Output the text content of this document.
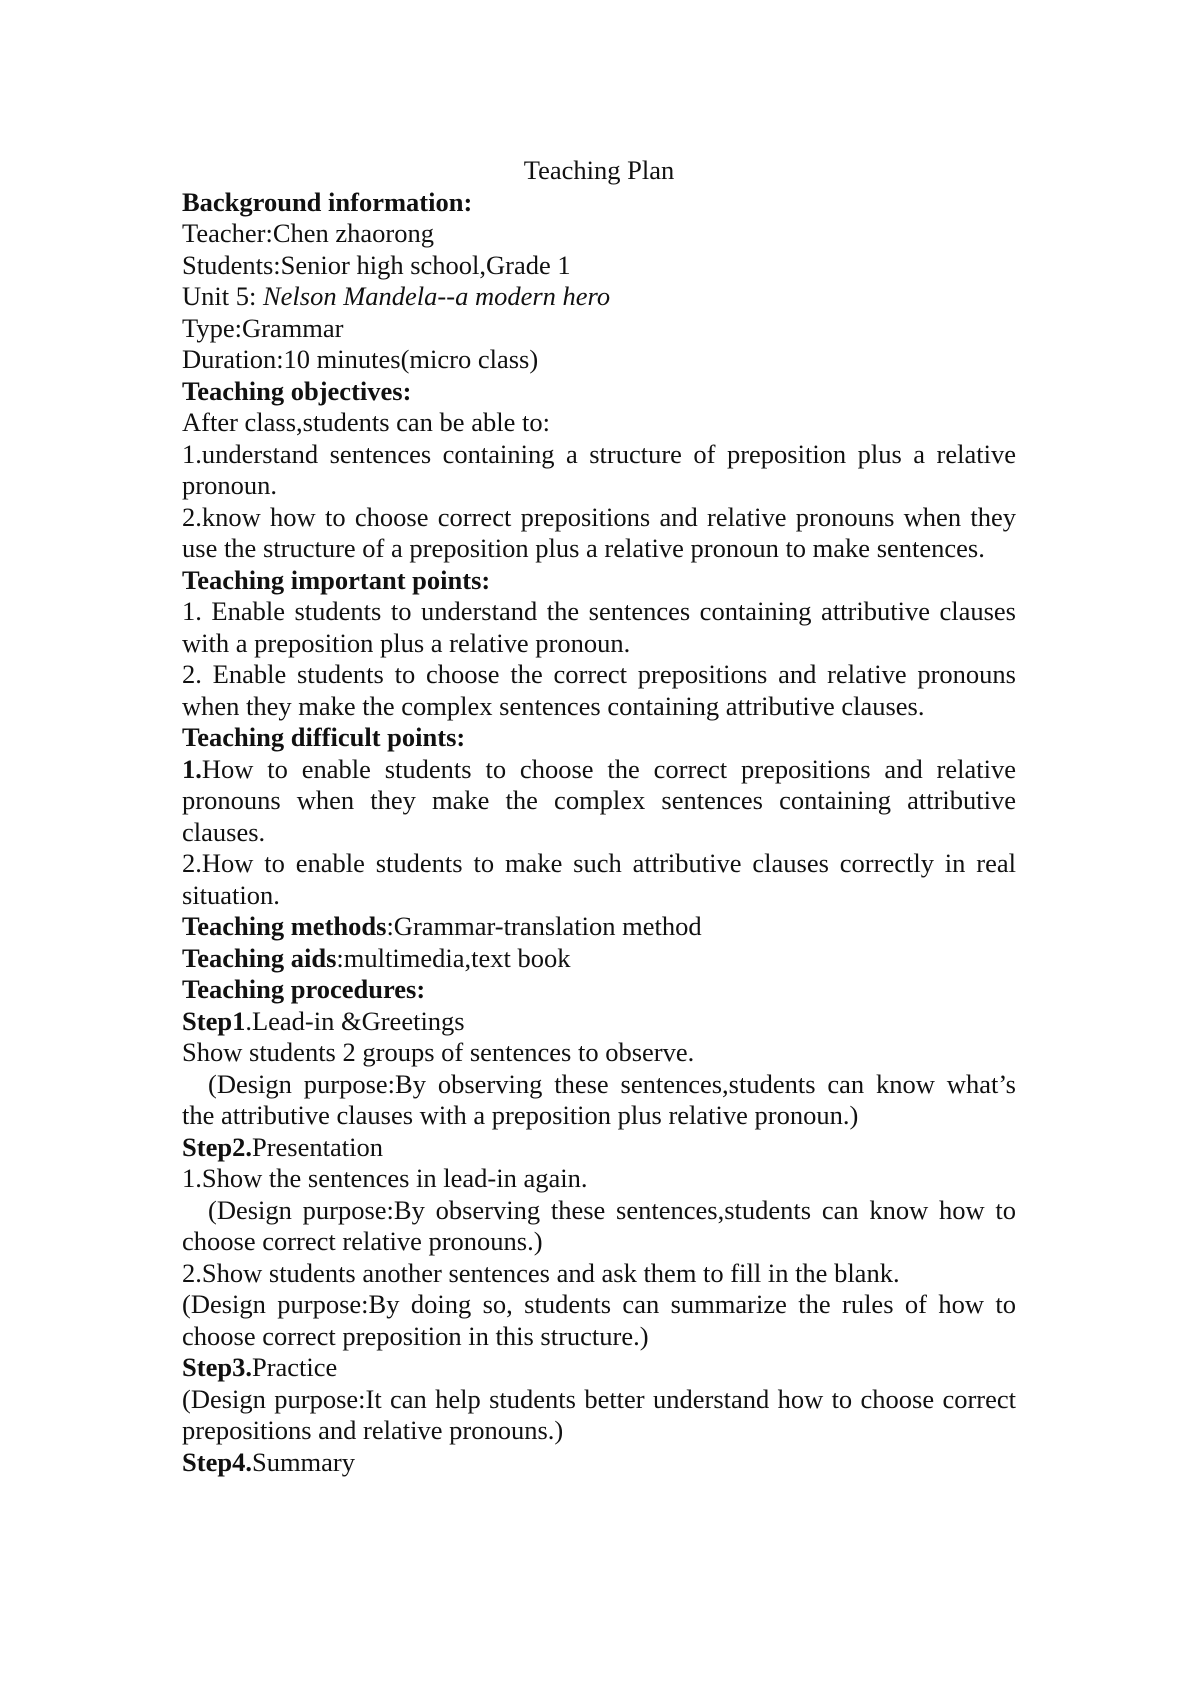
Teaching Plan

Background information:

Teacher:Chen zhaorong

Students:Senior high school,Grade 1

Unit 5: Nelson Mandela--a modern hero

Type:Grammar

Duration:10 minutes(micro class)

Teaching objectives:

After class,students can be able to:

1.understand sentences containing a structure of preposition plus a relative pronoun.

2.know how to choose correct prepositions and relative pronouns when they use the structure of a preposition plus a relative pronoun to make sentences.

Teaching important points:

1. Enable students to understand the sentences containing attributive clauses with a preposition plus a relative pronoun.

2. Enable students to choose the correct prepositions and relative pronouns when they make the complex sentences containing attributive clauses.

Teaching difficult points:

1.How to enable students to choose the correct prepositions and relative pronouns when they make the complex sentences containing attributive clauses.

2.How to enable students to make such attributive clauses correctly in real situation.

Teaching methods:Grammar-translation method

Teaching aids:multimedia,text book

Teaching procedures:

Step1.Lead-in &Greetings

Show students 2 groups of sentences to observe.

(Design purpose:By observing these sentences,students can know what’s the attributive clauses with a preposition plus relative pronoun.)

Step2.Presentation

1.Show the sentences in lead-in again.

(Design purpose:By observing these sentences,students can know how to choose correct relative pronouns.)

2.Show students another sentences and ask them to fill in the blank.

(Design purpose:By doing so, students can summarize the rules of how to choose correct preposition in this structure.)

Step3.Practice

(Design purpose:It can help students better understand how to choose correct prepositions and relative pronouns.)

Step4.Summary
